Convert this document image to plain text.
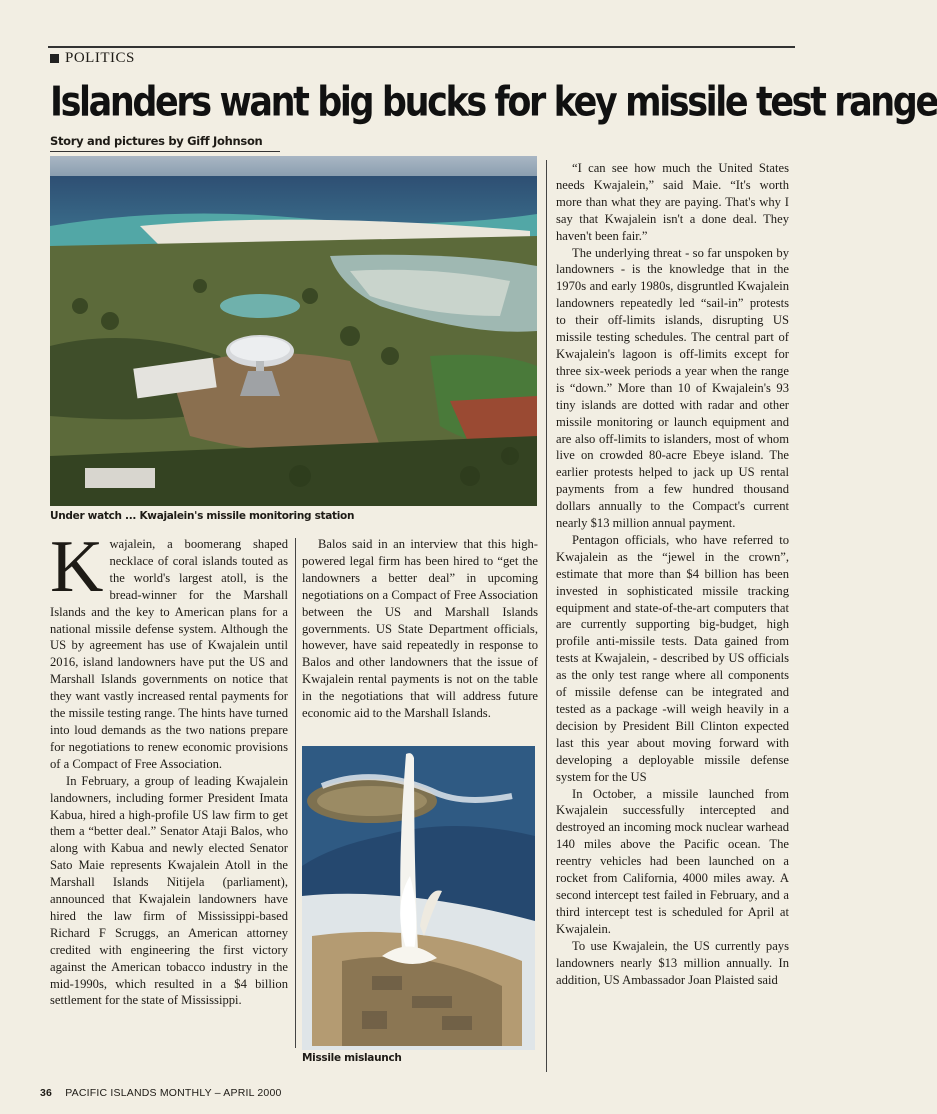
POLITICS
Islanders want big bucks for key missile test range
Story and pictures by Giff Johnson
Under watch ... Kwajalein's missile monitoring station

Kwajalein, a boomerang shaped necklace of coral islands touted as the world's largest atoll, is the bread-winner for the Marshall Islands and the key to American plans for a national missile defense system. Although the US by agreement has use of Kwajalein until 2016, island landowners have put the US and Marshall Islands governments on notice that they want vastly increased rental payments for the missile testing range. The hints have turned into loud demands as the two nations prepare for negotiations to renew economic provisions of a Compact of Free Association.

In February, a group of leading Kwajalein landowners, including former President Imata Kabua, hired a high-profile US law firm to get them a “better deal.” Senator Ataji Balos, who along with Kabua and newly elected Senator Sato Maie represents Kwajalein Atoll in the Marshall Islands Nitijela (parliament), announced that Kwajalein landowners have hired the law firm of Mississippi-based Richard F Scruggs, an American attorney credited with engineering the first victory against the American tobacco industry in the mid-1990s, which resulted in a $4 billion settlement for the state of Mississippi.

Balos said in an interview that this high-powered legal firm has been hired to “get the landowners a better deal” in upcoming negotiations on a Compact of Free Association between the US and Marshall Islands governments. US State Department officials, however, have said repeatedly in response to Balos and other landowners that the issue of Kwajalein rental payments is not on the table in the negotiations that will address future economic aid to the Marshall Islands.

Missile mislaunch

“I can see how much the United States needs Kwajalein,” said Maie. “It's worth more than what they are paying. That's why I say that Kwajalein isn't a done deal. They haven't been fair.”

The underlying threat - so far unspoken by landowners - is the knowledge that in the 1970s and early 1980s, disgruntled Kwajalein landowners repeatedly led “sail-in” protests to their off-limits islands, disrupting US missile testing schedules. The central part of Kwajalein's lagoon is off-limits except for three six-week periods a year when the range is “down.” More than 10 of Kwajalein's 93 tiny islands are dotted with radar and other missile monitoring or launch equipment and are also off-limits to islanders, most of whom live on crowded 80-acre Ebeye island. The earlier protests helped to jack up US rental payments from a few hundred thousand dollars annually to the Compact's current nearly $13 million annual payment.

Pentagon officials, who have referred to Kwajalein as the “jewel in the crown”, estimate that more than $4 billion has been invested in sophisticated missile tracking equipment and state-of-the-art computers that are currently supporting big-budget, high profile anti-missile tests. Data gained from tests at Kwajalein, - described by US officials as the only test range where all components of missile defense can be integrated and tested as a package -will weigh heavily in a decision by President Bill Clinton expected last this year about moving forward with developing a deployable missile defense system for the US

In October, a missile launched from Kwajalein successfully intercepted and destroyed an incoming mock nuclear warhead 140 miles above the Pacific ocean. The reentry vehicles had been launched on a rocket from California, 4000 miles away. A second intercept test failed in February, and a third intercept test is scheduled for April at Kwajalein.

To use Kwajalein, the US currently pays landowners nearly $13 million annually. In addition, US Ambassador Joan Plaisted said

36 PACIFIC ISLANDS MONTHLY – APRIL 2000
